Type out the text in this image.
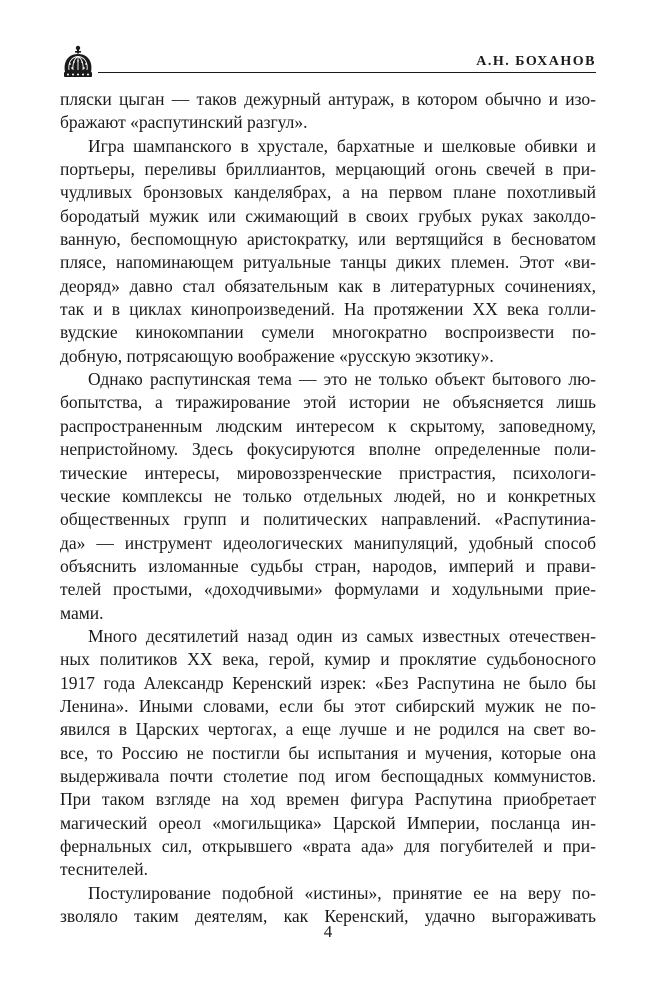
А.Н. БОХАНОВ
пляски цыган — таков дежурный антураж, в котором обычно и изо-
бражают «распутинский разгул».
Игра шампанского в хрустале, бархатные и шелковые обивки и
портьеры, переливы бриллиантов, мерцающий огонь свечей в при-
чудливых бронзовых канделябрах, а на первом плане похотливый
бородатый мужик или сжимающий в своих грубых руках заколдо-
ванную, беспомощную аристократку, или вертящийся в бесноватом
плясе, напоминающем ритуальные танцы диких племен. Этот «ви-
деоряд» давно стал обязательным как в литературных сочинениях,
так и в циклах кинопроизведений. На протяжении XX века голли-
вудские кинокомпании сумели многократно воспроизвести по-
добную, потрясающую воображение «русскую экзотику».
Однако распутинская тема — это не только объект бытового лю-
бопытства, а тиражирование этой истории не объясняется лишь
распространенным людским интересом к скрытому, заповедному,
непристойному. Здесь фокусируются вполне определенные поли-
тические интересы, мировоззренческие пристрастия, психологи-
ческие комплексы не только отдельных людей, но и конкретных
общественных групп и политических направлений. «Распутиниа-
да» — инструмент идеологических манипуляций, удобный способ
объяснить изломанные судьбы стран, народов, империй и прави-
телей простыми, «доходчивыми» формулами и ходульными прие-
мами.
Много десятилетий назад один из самых известных отечествен-
ных политиков XX века, герой, кумир и проклятие судьбоносного
1917 года Александр Керенский изрек: «Без Распутина не было бы
Ленина». Иными словами, если бы этот сибирский мужик не по-
явился в Царских чертогах, а еще лучше и не родился на свет во-
все, то Россию не постигли бы испытания и мучения, которые она
выдерживала почти столетие под игом беспощадных коммунистов.
При таком взгляде на ход времен фигура Распутина приобретает
магический ореол «могильщика» Царской Империи, посланца ин-
фернальных сил, открывшего «врата ада» для погубителей и при-
теснителей.
Постулирование подобной «истины», принятие ее на веру по-
зволяло таким деятелям, как Керенский, удачно выгораживать
4
